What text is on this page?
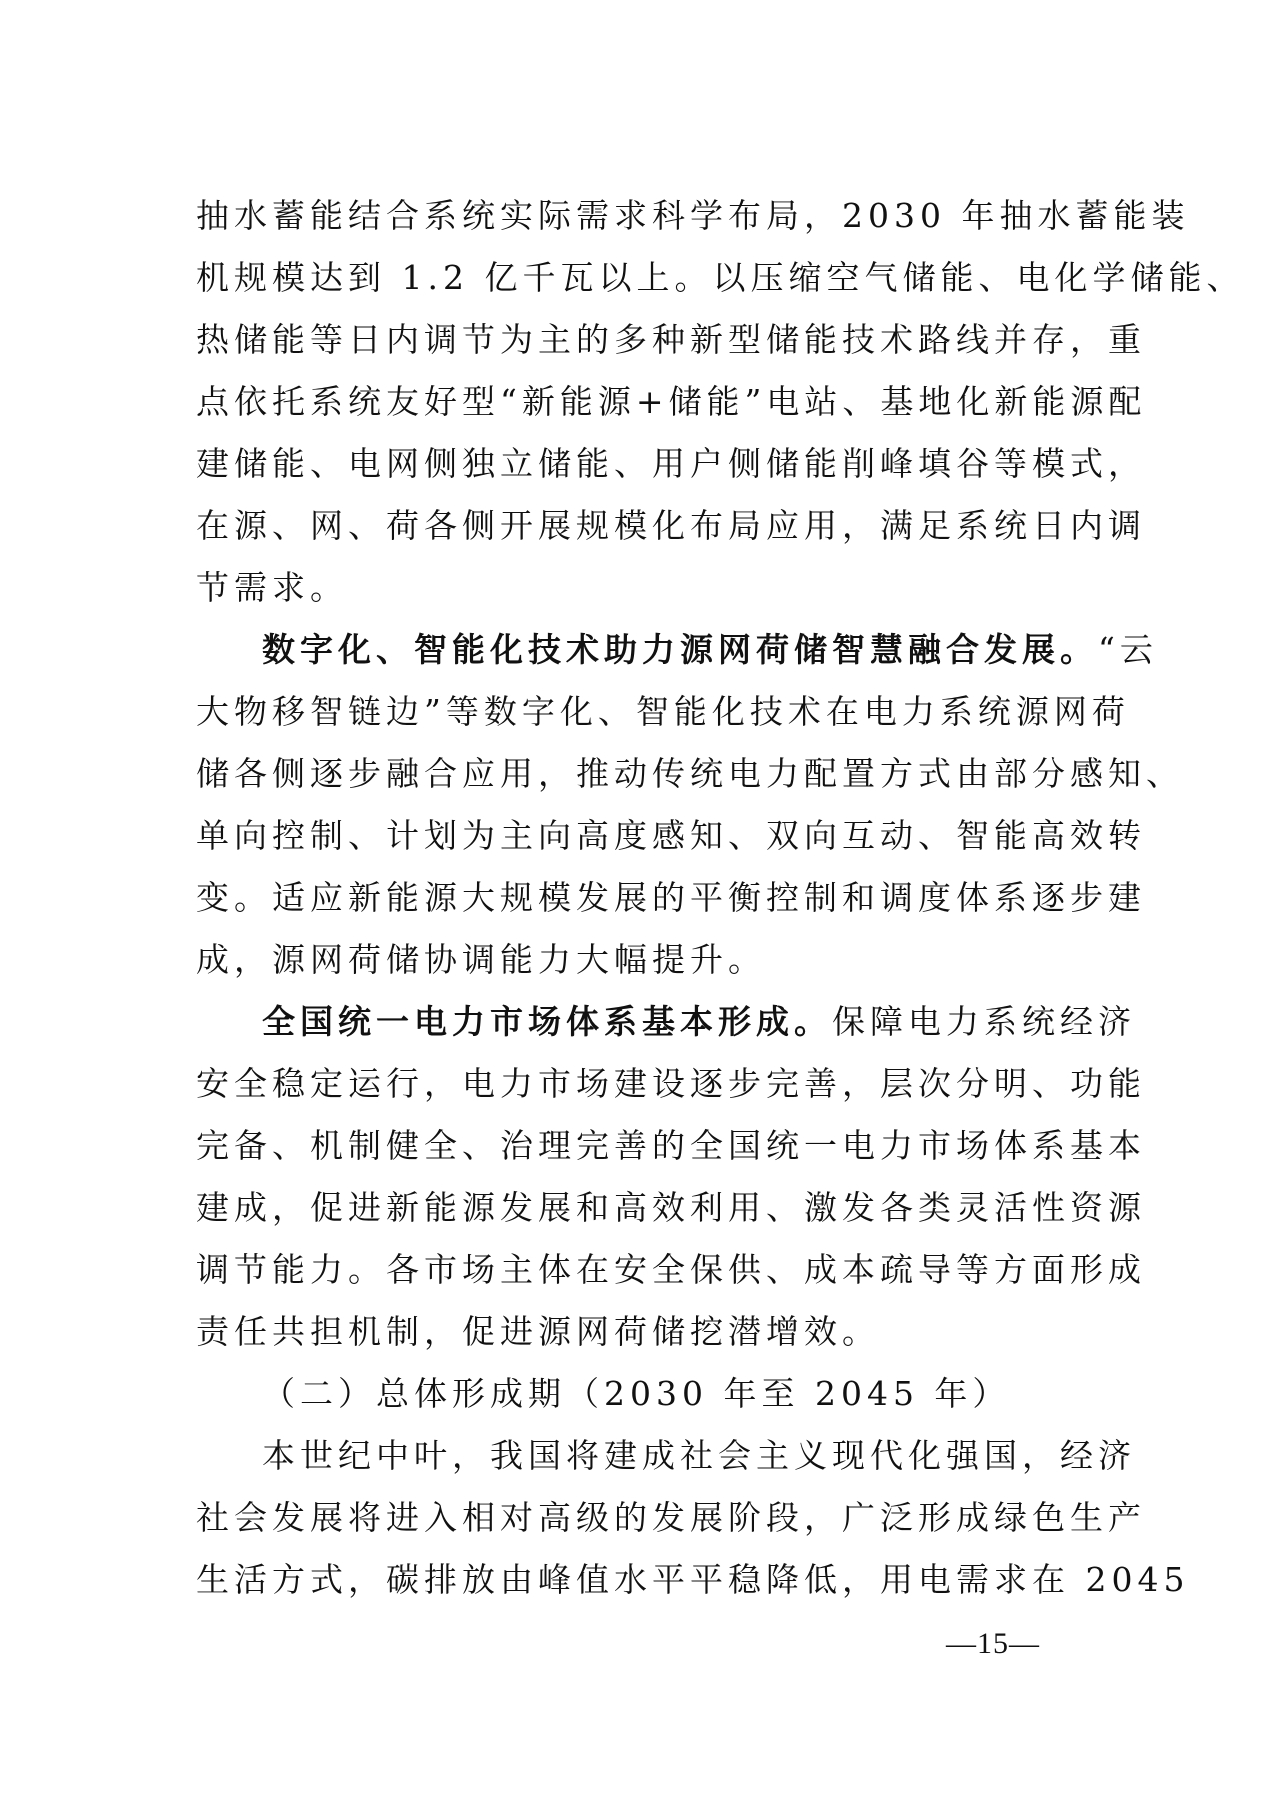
抽水蓄能结合系统实际需求科学布局，2030 年抽水蓄能装
机规模达到 1.2 亿千瓦以上。以压缩空气储能、电化学储能、
热储能等日内调节为主的多种新型储能技术路线并存，重
点依托系统友好型“新能源+储能”电站、基地化新能源配
建储能、电网侧独立储能、用户侧储能削峰填谷等模式，
在源、网、荷各侧开展规模化布局应用，满足系统日内调
节需求。
数字化、智能化技术助力源网荷储智慧融合发展。“云
大物移智链边”等数字化、智能化技术在电力系统源网荷
储各侧逐步融合应用，推动传统电力配置方式由部分感知、
单向控制、计划为主向高度感知、双向互动、智能高效转
变。适应新能源大规模发展的平衡控制和调度体系逐步建
成，源网荷储协调能力大幅提升。
全国统一电力市场体系基本形成。保障电力系统经济
安全稳定运行，电力市场建设逐步完善，层次分明、功能
完备、机制健全、治理完善的全国统一电力市场体系基本
建成，促进新能源发展和高效利用、激发各类灵活性资源
调节能力。各市场主体在安全保供、成本疏导等方面形成
责任共担机制，促进源网荷储挖潜增效。
（二）总体形成期（2030 年至 2045 年）
本世纪中叶，我国将建成社会主义现代化强国，经济
社会发展将进入相对高级的发展阶段，广泛形成绿色生产
生活方式，碳排放由峰值水平平稳降低，用电需求在 2045
—15—
